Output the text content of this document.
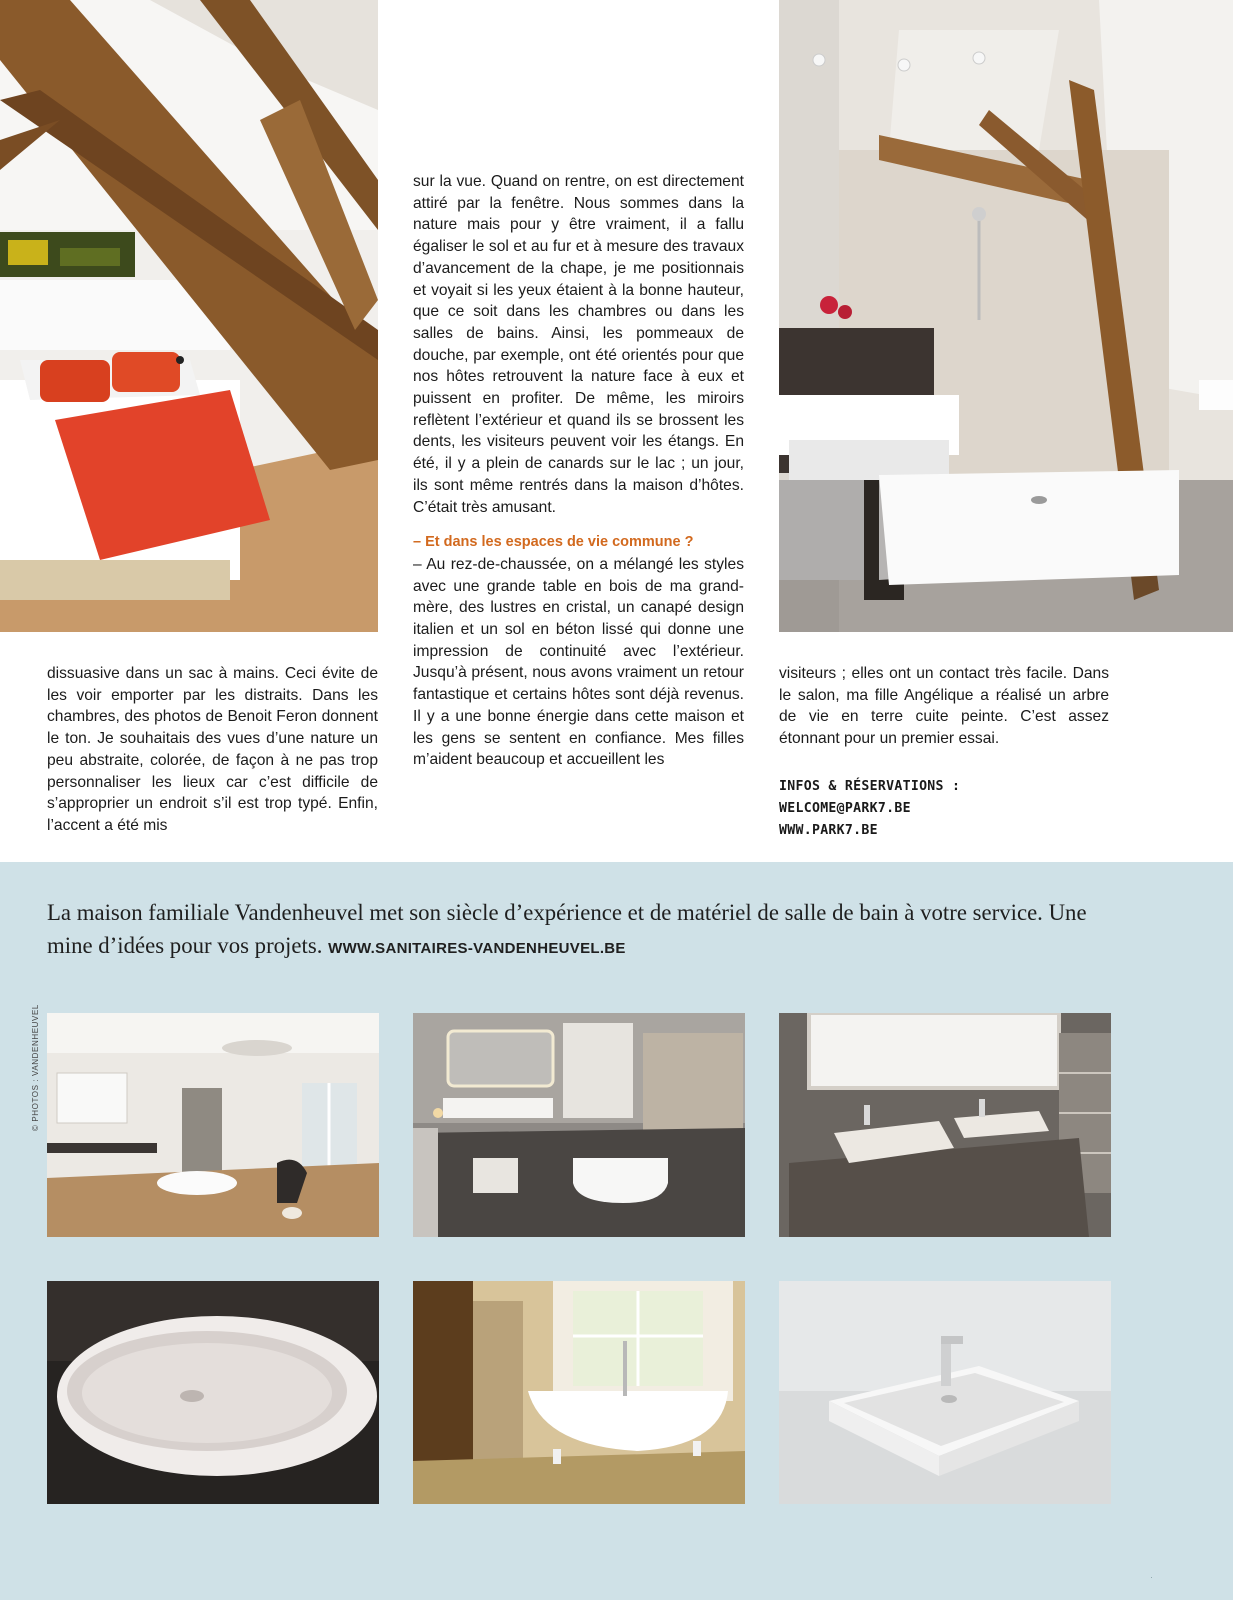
sur la vue. Quand on rentre, on est directement attiré par la fenêtre. Nous sommes dans la nature mais pour y être vraiment, il a fallu égaliser le sol et au fur et à mesure des travaux d’avancement de la chape, je me positionnais et voyait si les yeux étaient à la bonne hauteur, que ce soit dans les chambres ou dans les salles de bains. Ainsi, les pommeaux de douche, par exemple, ont été orientés pour que nos hôtes retrouvent la nature face à eux et puissent en profiter. De même, les miroirs reflètent l’extérieur et quand ils se brossent les dents, les visiteurs peuvent voir les étangs. En été, il y a plein de canards sur le lac ; un jour, ils sont même rentrés dans la maison d’hôtes. C’était très amusant.

– Et dans les espaces de vie commune ?

– Au rez-de-chaussée, on a mélangé les styles avec une grande table en bois de ma grand-mère, des lustres en cristal, un canapé design italien et un sol en béton lissé qui donne une impression de continuité avec l’extérieur. Jusqu’à présent, nous avons vraiment un retour fantastique et certains hôtes sont déjà revenus. Il y a une bonne énergie dans cette maison et les gens se sentent en confiance. Mes filles m’aident beaucoup et accueillent les

dissuasive dans un sac à mains. Ceci évite de les voir emporter par les distraits. Dans les chambres, des photos de Benoit Feron donnent le ton. Je souhaitais des vues d’une nature un peu abstraite, colorée, de façon à ne pas trop personnaliser les lieux car c’est difficile de s’approprier un endroit s’il est trop typé. Enfin, l’accent a été mis

visiteurs ; elles ont un contact très facile. Dans le salon, ma fille Angélique a réalisé un arbre de vie en terre cuite peinte. C’est assez étonnant pour un premier essai.

INFOS & RÉSERVATIONS :
WELCOME@PARK7.BE
WWW.PARK7.BE

La maison familiale Vandenheuvel met son siècle d’expérience et de matériel de salle de bain à votre service. Une mine d’idées pour vos projets. WWW.SANITAIRES-VANDENHEUVEL.BE

© PHOTOS : VANDENHEUVEL
·
